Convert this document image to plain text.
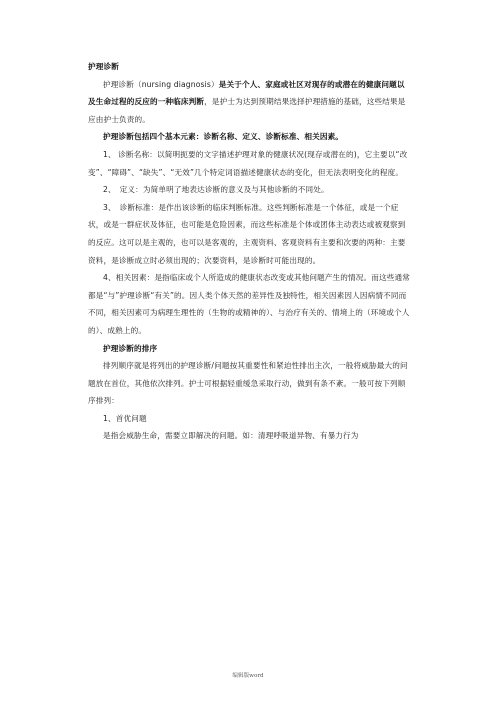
护理诊断

护理诊断（nursing diagnosis）是关于个人、家庭或社区对现存的或潜在的健康问题以及生命过程的反应的一种临床判断，是护士为达到预期结果选择护理措施的基础，这些结果是应由护士负责的。

护理诊断包括四个基本元素：诊断名称、定义、诊断标准、相关因素。

1、 诊断名称：以简明扼要的文字描述护理对象的健康状况(现存或潜在的)，它主要以“改变”、“障碍”、“缺失”、“无效”几个特定词语描述健康状态的变化，但无法表明变化的程度。

2、　定义：为简单明了地表达诊断的意义及与其他诊断的不同处。

3、　诊断标准：是作出该诊断的临床判断标准。这些判断标准是一个体征，或是一个症状，或是一群症状及体征，也可能是危险因素，而这些标准是个体或团体主动表达或被观察到的反应。这可以是主观的，也可以是客观的，主观资料、客观资料有主要和次要的两种：主要资料，是诊断成立时必须出现的；次要资料，是诊断时可能出现的。

4、相关因素：是指临床或个人所造成的健康状态改变或其他问题产生的情况。而这些通常都是“与”护理诊断“有关”的。因人类个体天然的差异性及独特性，相关因素因人因病情不同而不同，相关因素可为病理生理性的（生物的或精神的）、与治疗有关的、情境上的（环境或个人的）、成熟上的。

护理诊断的排序

排列顺序就是将列出的护理诊断/问题按其重要性和紧迫性排出主次，一般将威胁最大的问题放在首位，其他依次排列。护士可根据轻重缓急采取行动，做到有条不紊。一般可按下列顺序排列：

1、首优问题

是指会威胁生命，需要立即解决的问题。如：清理呼吸道异物、有暴力行为

编辑版word
